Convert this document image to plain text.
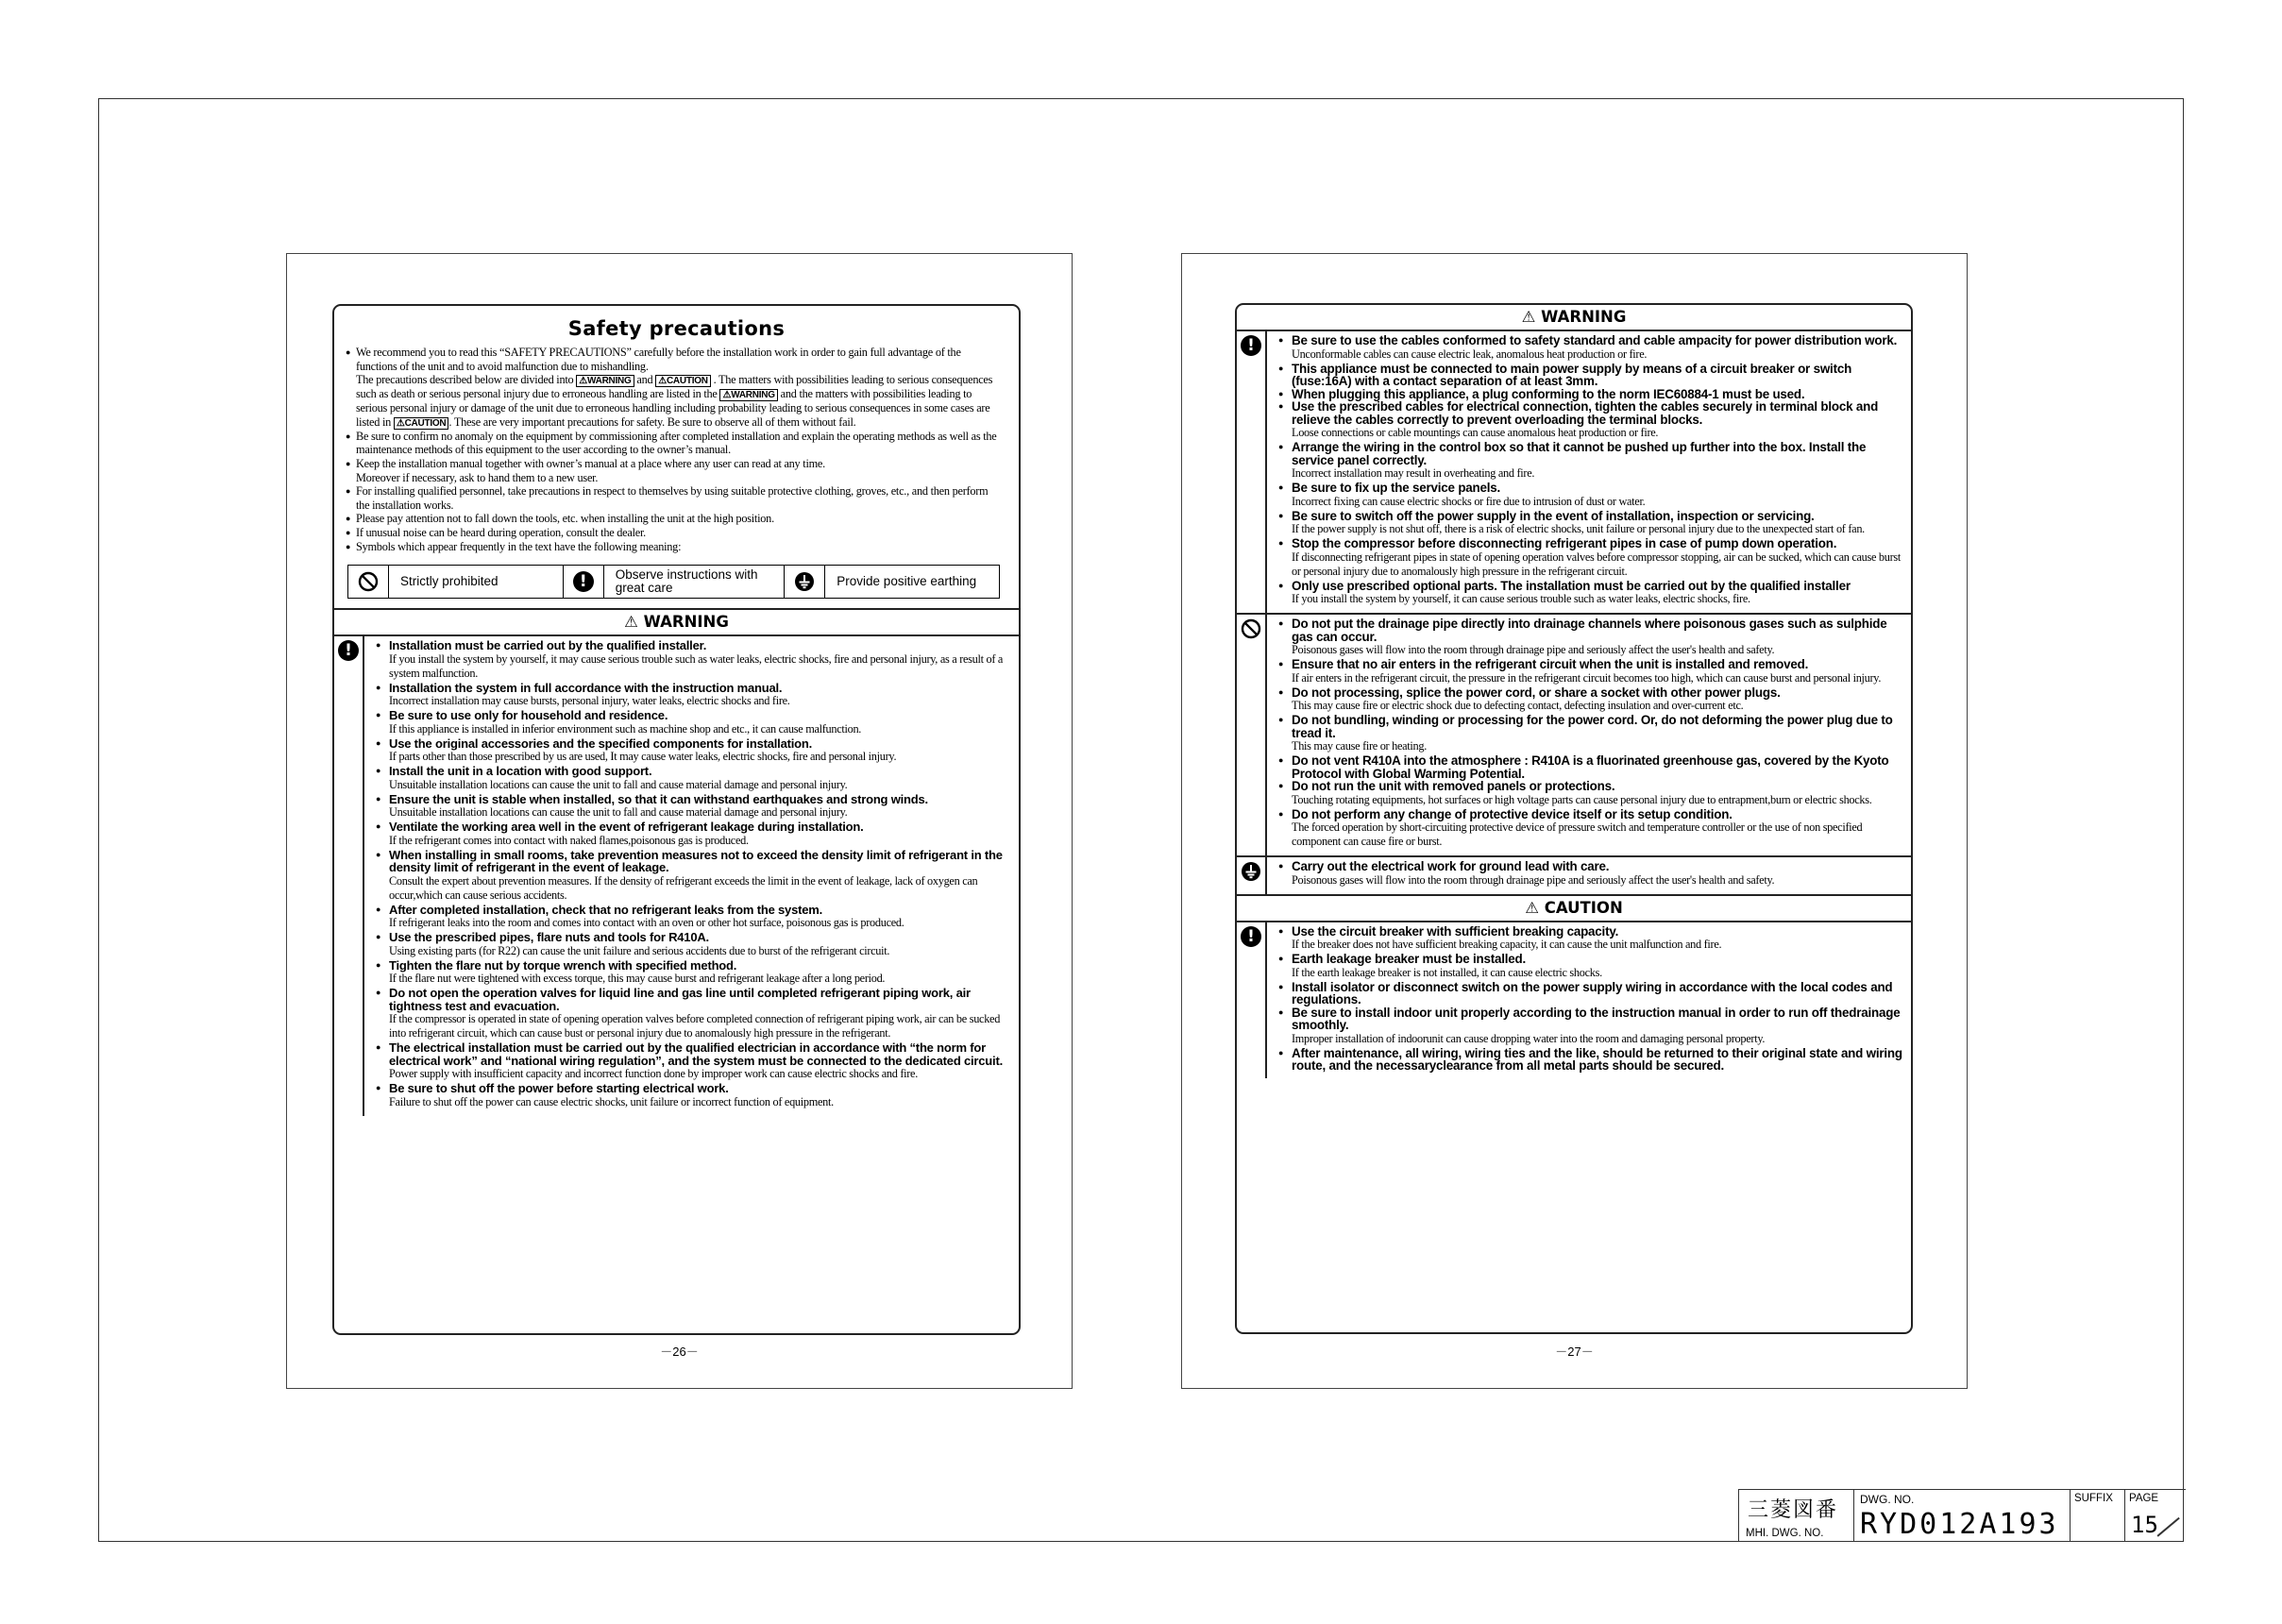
Safety precautions

● We recommend you to read this “SAFETY PRECAUTIONS” carefully before the installation work in order to gain full advantage of the functions of the unit and to avoid malfunction due to mishandling.

The precautions described below are divided into ⚠WARNING and ⚠CAUTION . The matters with possibilities leading to serious consequences such as death or serious personal injury due to erroneous handling are listed in the ⚠WARNING and the matters with possibilities leading to serious personal injury or damage of the unit due to erroneous handling including probability leading to serious consequences in some cases are listed in ⚠CAUTION . These are very important precautions for safety. Be sure to observe all of them without fail.

● Be sure to confirm no anomaly on the equipment by commissioning after completed installation and explain the operating methods as well as the maintenance methods of this equipment to the user according to the owner’s manual.

● Keep the installation manual together with owner’s manual at a place where any user can read at any time.

Moreover if necessary, ask to hand them to a new user.

● For installing qualified personnel, take precautions in respect to themselves by using suitable protective clothing, groves, etc., and then perform the installation works.

● Please pay attention not to fall down the tools, etc. when installing the unit at the high position.

● If unusual noise can be heard during operation, consult the dealer.

● Symbols which appear frequently in the text have the following meaning:

Strictly prohibited	!	Observe instructions with great care	Provide positive earthing
⚠ WARNING
!	● Installation must be carried out by the qualified installer.
If you install the system by yourself, it may cause serious trouble such as water leaks, electric shocks, fire and personal injury, as a result of a system malfunction.
● Installation the system in full accordance with the instruction manual.
Incorrect installation may cause bursts, personal injury, water leaks, electric shocks and fire.
● Be sure to use only for household and residence.
If this appliance is installed in inferior environment such as machine shop and etc., it can cause malfunction.
● Use the original accessories and the specified components for installation.
If parts other than those prescribed by us are used, It may cause water leaks, electric shocks, fire and personal injury.
● Install the unit in a location with good support.
Unsuitable installation locations can cause the unit to fall and cause material damage and personal injury.
● Ensure the unit is stable when installed, so that it can withstand earthquakes and strong winds.
Unsuitable installation locations can cause the unit to fall and cause material damage and personal injury.
● Ventilate the working area well in the event of refrigerant leakage during installation.
If the refrigerant comes into contact with naked flames,poisonous gas is produced.
● When installing in small rooms, take prevention measures not to exceed the density limit of refrigerant in the density limit of refrigerant in the event of leakage.
Consult the expert about prevention measures. If the density of refrigerant exceeds the limit in the event of leakage, lack of oxygen can occur,which can cause serious accidents.
● After completed installation, check that no refrigerant leaks from the system.
If refrigerant leaks into the room and comes into contact with an oven or other hot surface, poisonous gas is produced.
● Use the prescribed pipes, flare nuts and tools for R410A.
Using existing parts (for R22) can cause the unit failure and serious accidents due to burst of the refrigerant circuit.
● Tighten the flare nut by torque wrench with specified method.
If the flare nut were tightened with excess torque, this may cause burst and refrigerant leakage after a long period.
● Do not open the operation valves for liquid line and gas line until completed refrigerant piping work, air tightness test and evacuation.
If the compressor is operated in state of opening operation valves before completed connection of refrigerant piping work, air can be sucked into refrigerant circuit, which can cause bust or personal injury due to anomalously high pressure in the refrigerant.
● The electrical installation must be carried out by the qualified electrician in accordance with “the norm for electrical work” and “national wiring regulation”, and the system must be connected to the dedicated circuit.
Power supply with insufficient capacity and incorrect function done by improper work can cause electric shocks and fire.
● Be sure to shut off the power before starting electrical work.
Failure to shut off the power can cause electric shocks, unit failure or incorrect function of equipment.
－26－
⚠ WARNING
!	● Be sure to use the cables conformed to safety standard and cable ampacity for power distribution work.
Unconformable cables can cause electric leak, anomalous heat production or fire.
● This appliance must be connected to main power supply by means of a circuit breaker or switch (fuse:16A) with a contact separation of at least 3mm.
● When plugging this appliance, a plug conforming to the norm IEC60884-1 must be used.
● Use the prescribed cables for electrical connection, tighten the cables securely in terminal block and relieve the cables correctly to prevent overloading the terminal blocks.
Loose connections or cable mountings can cause anomalous heat production or fire.
● Arrange the wiring in the control box so that it cannot be pushed up further into the box. Install the service panel correctly.
Incorrect installation may result in overheating and fire.
● Be sure to fix up the service panels.
Incorrect fixing can cause electric shocks or fire due to intrusion of dust or water.
● Be sure to switch off the power supply in the event of installation, inspection or servicing.
If the power supply is not shut off, there is a risk of electric shocks, unit failure or personal injury due to the unexpected start of fan.
● Stop the compressor before disconnecting refrigerant pipes in case of pump down operation.
If disconnecting refrigerant pipes in state of opening operation valves before compressor stopping, air can be sucked, which can cause burst or personal injury due to anomalously high pressure in the refrigerant circuit.
● Only use prescribed optional parts. The installation must be carried out by the qualified installer
If you install the system by yourself, it can cause serious trouble such as water leaks, electric shocks, fire.
● Do not put the drainage pipe directly into drainage channels where poisonous gases such as sulphide gas can occur.
Poisonous gases will flow into the room through drainage pipe and seriously affect the user's health and safety.
● Ensure that no air enters in the refrigerant circuit when the unit is installed and removed.
If air enters in the refrigerant circuit, the pressure in the refrigerant circuit becomes too high, which can cause burst and personal injury.
● Do not processing, splice the power cord, or share a socket with other power plugs.
This may cause fire or electric shock due to defecting contact, defecting insulation and over-current etc.
● Do not bundling, winding or processing for the power cord. Or, do not deforming the power plug due to tread it.
This may cause fire or heating.
● Do not vent R410A into the atmosphere : R410A is a fluorinated greenhouse gas, covered by the Kyoto Protocol with Global Warming Potential.
● Do not run the unit with removed panels or protections.
Touching rotating equipments, hot surfaces or high voltage parts can cause personal injury due to entrapment,burn or electric shocks.
● Do not perform any change of protective device itself or its setup condition.
The forced operation by short-circuiting protective device of pressure switch and temperature controller or the use of non specified component can cause fire or burst.
● Carry out the electrical work for ground lead with care.
Poisonous gases will flow into the room through drainage pipe and seriously affect the user's health and safety.
⚠ CAUTION
!	● Use the circuit breaker with sufficient breaking capacity.
If the breaker does not have sufficient breaking capacity, it can cause the unit malfunction and fire.
● Earth leakage breaker must be installed.
If the earth leakage breaker is not installed, it can cause electric shocks.
● Install isolator or disconnect switch on the power supply wiring in accordance with the local codes and regulations.
● Be sure to install indoor unit properly according to the instruction manual in order to run off thedrainage smoothly.
Improper installation of indoorunit can cause dropping water into the room and damaging personal property.
● After maintenance, all wiring, wiring ties and the like, should be returned to their original state and wiring route, and the necessaryclearance from all metal parts should be secured.
－27－
三菱図番
MHI. DWG. NO.
DWG. NO.
RYD012A193
SUFFIX PAGE
15
